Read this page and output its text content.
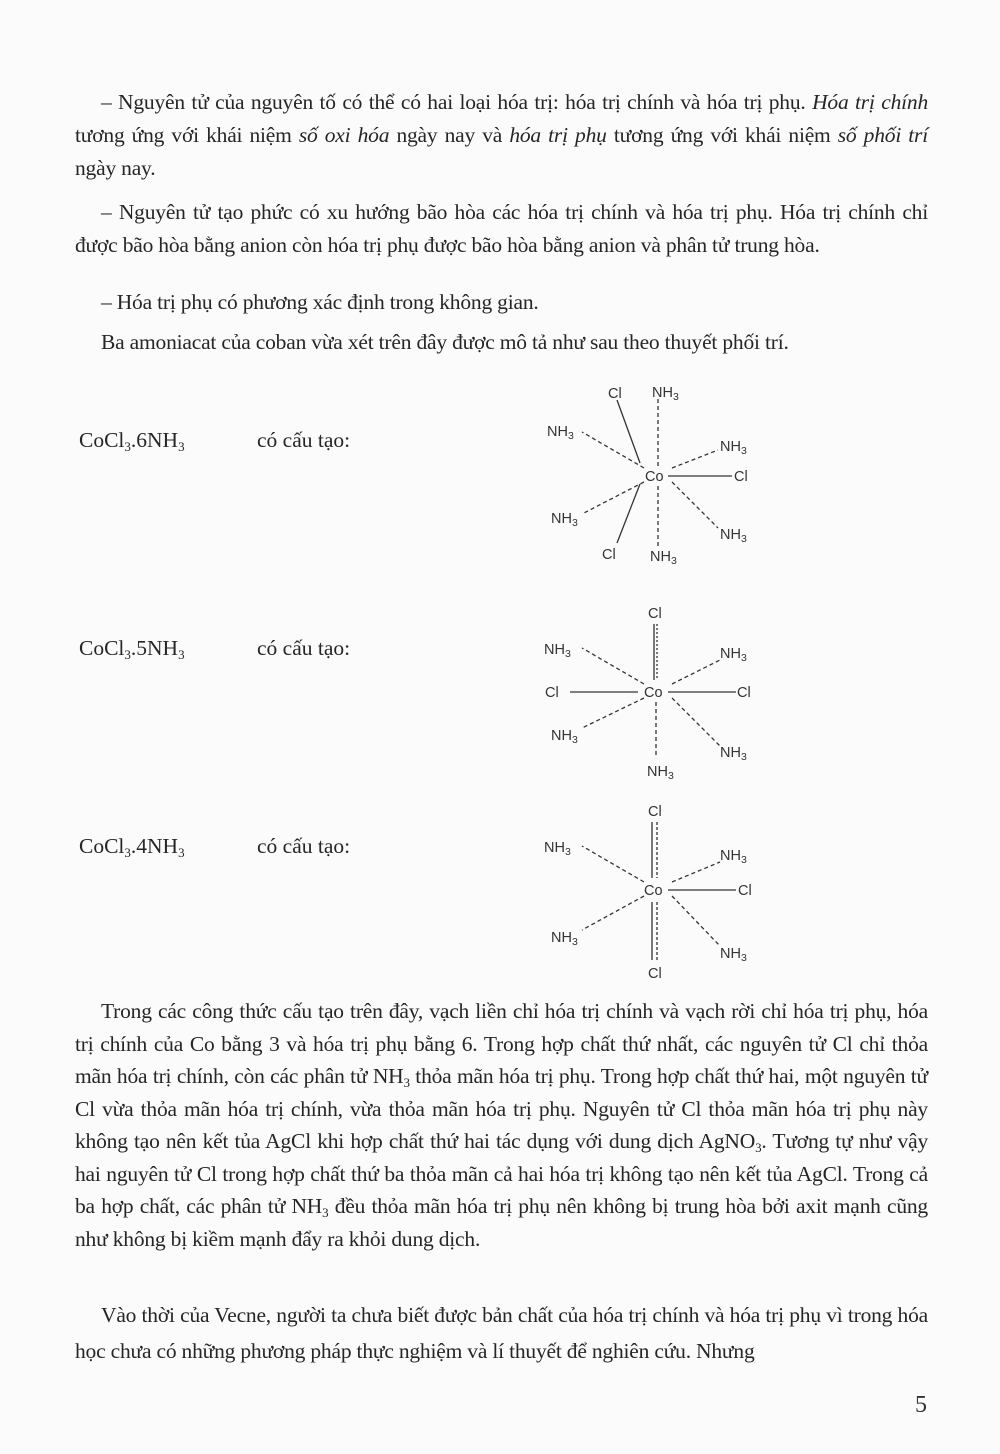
– Nguyên tử của nguyên tố có thể có hai loại hóa trị: hóa trị chính và hóa trị phụ. Hóa trị chính tương ứng với khái niệm số oxi hóa ngày nay và hóa trị phụ tương ứng với khái niệm số phối trí ngày nay.
– Nguyên tử tạo phức có xu hướng bão hòa các hóa trị chính và hóa trị phụ. Hóa trị chính chỉ được bão hòa bằng anion còn hóa trị phụ được bão hòa bằng anion và phân tử trung hòa.
– Hóa trị phụ có phương xác định trong không gian.
Ba amoniacat của coban vừa xét trên đây được mô tả như sau theo thuyết phối trí.
$CoCl_3.6NH_3$	có cấu tạo:
Co
Cl
Cl
Cl
$NH_3$
$NH_3$
$NH_3$
$NH_3$
$NH_3$
$NH_3$
$CoCl_3.5NH_3$	có cấu tạo:
Co
Cl
Cl	Cl
$NH_3$	$NH_3$
$NH_3$
$NH_3$
$NH_3$
$CoCl_3.4NH_3$	có cấu tạo:
Co
Cl
Cl
Cl
$NH_3$	$NH_3$
$NH_3$
$NH_3$
Trong các công thức cấu tạo trên đây, vạch liền chỉ hóa trị chính và vạch rời chỉ hóa trị phụ, hóa trị chính của Co bằng 3 và hóa trị phụ bằng 6. Trong hợp chất thứ nhất, các nguyên tử Cl chỉ thỏa mãn hóa trị chính, còn các phân tử $NH_3$ thỏa mãn hóa trị phụ. Trong hợp chất thứ hai, một nguyên tử Cl vừa thỏa mãn hóa trị chính, vừa thỏa mãn hóa trị phụ. Nguyên tử Cl thỏa mãn hóa trị phụ này không tạo nên kết tủa AgCl khi hợp chất thứ hai tác dụng với dung dịch AgNO$_3$. Tương tự như vậy hai nguyên tử Cl trong hợp chất thứ ba thỏa mãn cả hai hóa trị không tạo nên kết tủa AgCl. Trong cả ba hợp chất, các phân tử $NH_3$ đều thỏa mãn hóa trị phụ nên không bị trung hòa bởi axit mạnh cũng như không bị kiềm mạnh đẩy ra khỏi dung dịch.
Vào thời của Vecne, người ta chưa biết được bản chất của hóa trị chính và hóa trị phụ vì trong hóa học chưa có những phương pháp thực nghiệm và lí thuyết để nghiên cứu. Nhưng
5
